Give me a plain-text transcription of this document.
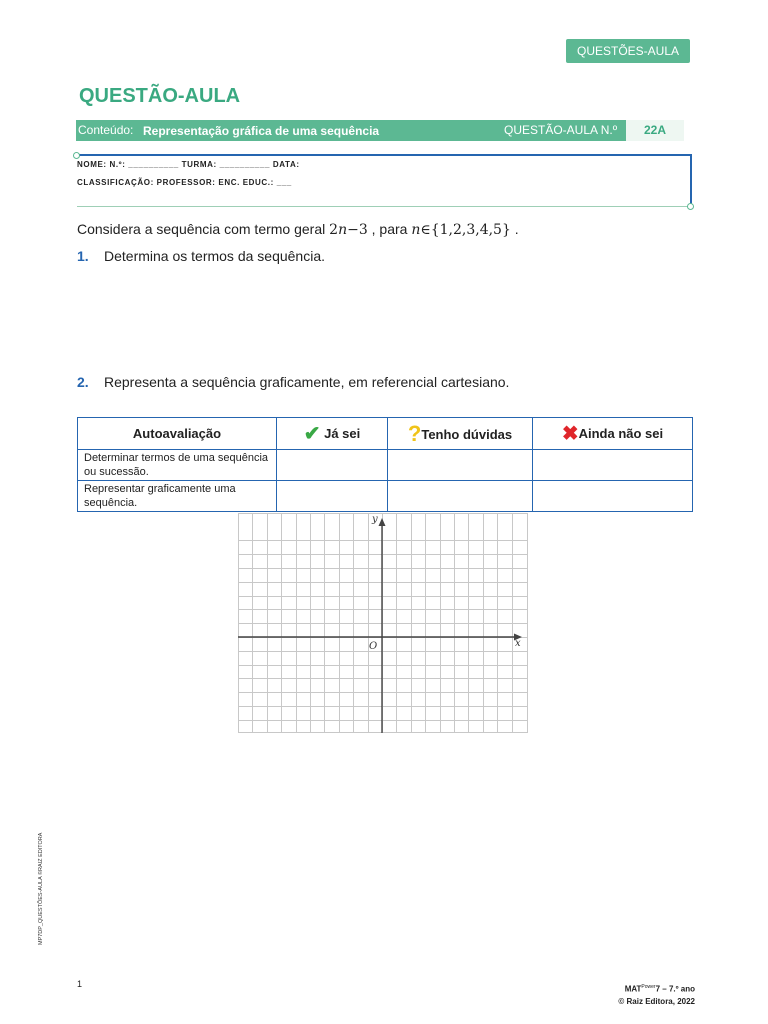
QUESTÕES-AULA
QUESTÃO-AULA
Conteúdo: Representação gráfica de uma sequência	QUESTÃO-AULA N.º	22A
NOME: N.º: __________ TURMA: __________ DATA:
CLASSIFICAÇÃO: PROFESSOR: ENC. EDUC.: ___
Considera a sequência com termo geral 2n−3 , para n∈{1,2,3,4,5} .
1. Determina os termos da sequência.
2. Representa a sequência graficamente, em referencial cartesiano.
Autoavaliação	✔ Já sei	?Tenho dúvidas	✖Ainda não sei
Determinar termos de uma sequência ou sucessão.			
Representar graficamente uma sequência.			
x
y
O
MP7DP_QUESTÕES-AULA ©RAIZ EDITORA
1
$MAT^{Power}7$ – 7.º ano
© Raiz Editora, 2022
